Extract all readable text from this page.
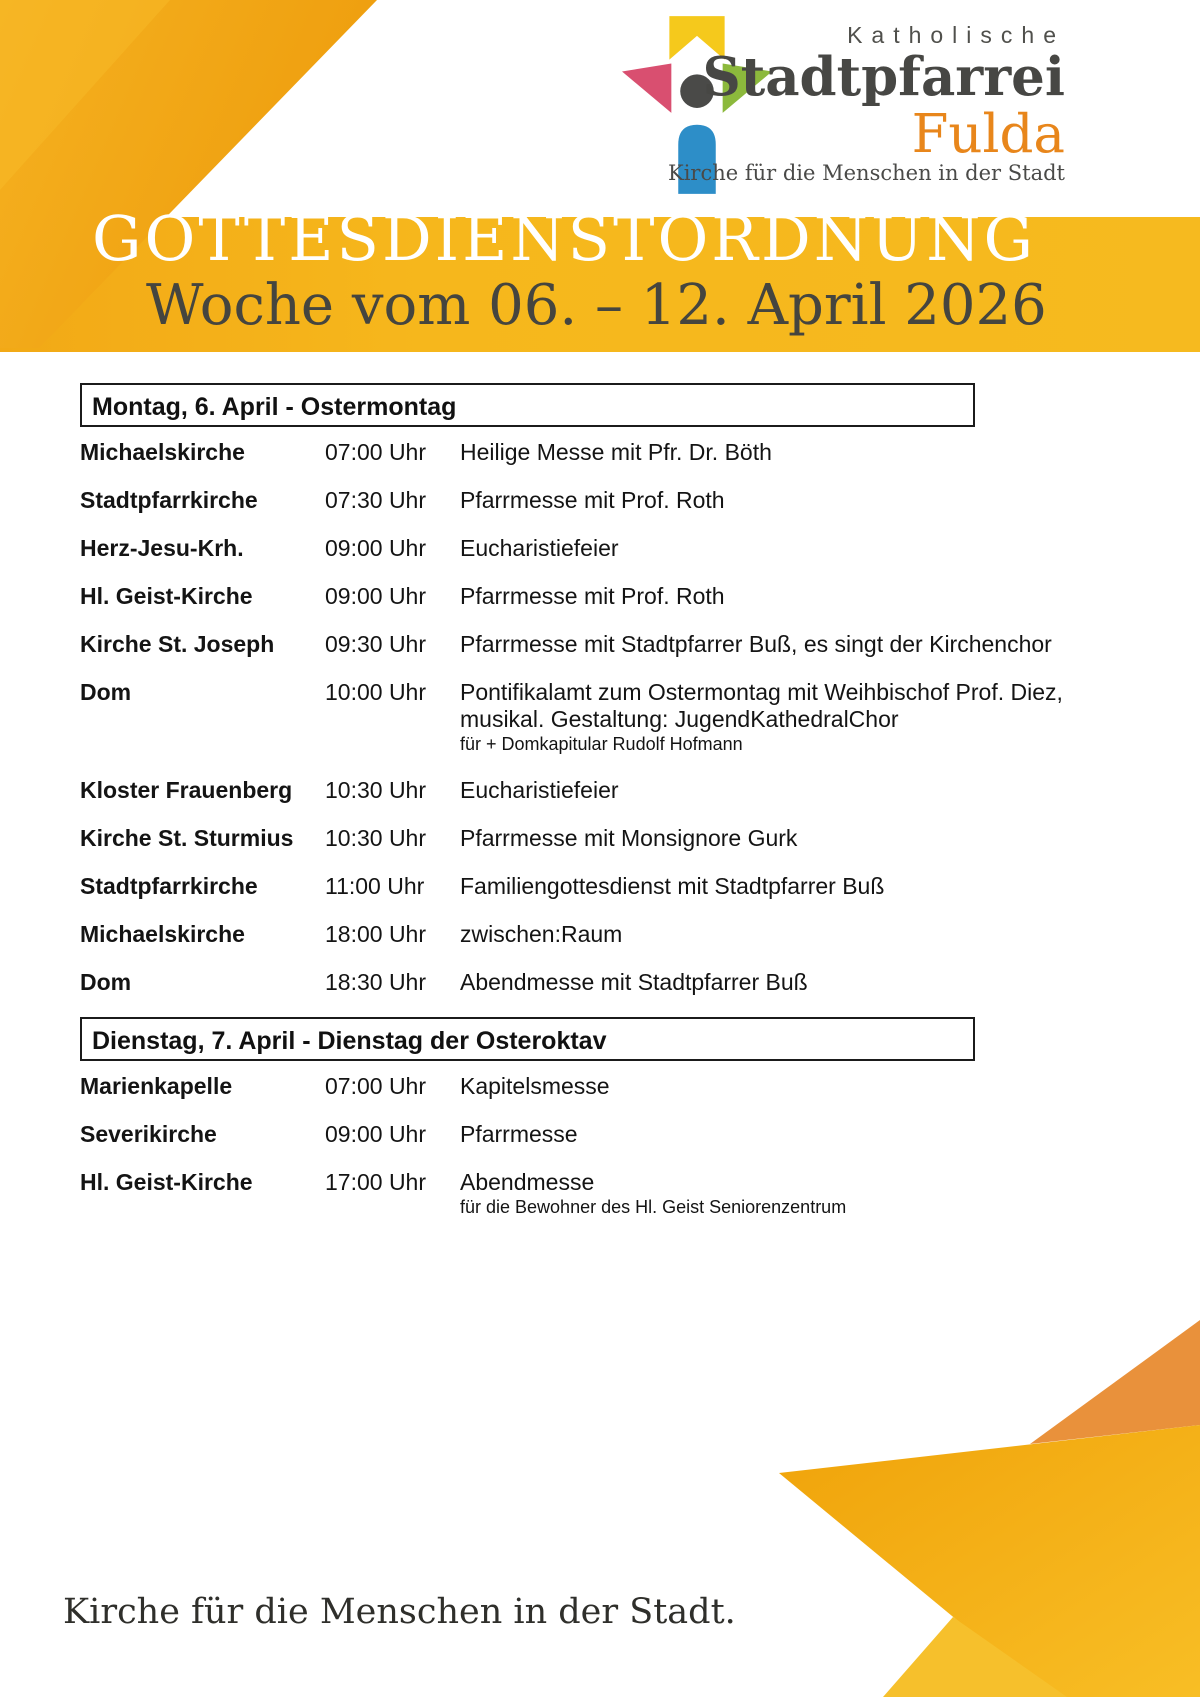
Katholische
Stadtpfarrei
Fulda
Kirche für die Menschen in der Stadt
GOTTESDIENSTORDNUNG
Woche vom 06. – 12. April 2026
Montag, 6. April - Ostermontag
Michaelskirche	07:00 Uhr	Heilige Messe mit Pfr. Dr. Böth
Stadtpfarrkirche	07:30 Uhr	Pfarrmesse mit Prof. Roth
Herz-Jesu-Krh.	09:00 Uhr	Eucharistiefeier
Hl. Geist-Kirche	09:00 Uhr	Pfarrmesse mit Prof. Roth
Kirche St. Joseph	09:30 Uhr	Pfarrmesse mit Stadtpfarrer Buß, es singt der Kirchenchor
Dom	10:00 Uhr	Pontifikalamt zum Ostermontag mit Weihbischof Prof. Diez,
musikal. Gestaltung: JugendKathedralChor
für + Domkapitular Rudolf Hofmann
Kloster Frauenberg	10:30 Uhr	Eucharistiefeier
Kirche St. Sturmius	10:30 Uhr	Pfarrmesse mit Monsignore Gurk
Stadtpfarrkirche	11:00 Uhr	Familiengottesdienst mit Stadtpfarrer Buß
Michaelskirche	18:00 Uhr	zwischen:Raum
Dom	18:30 Uhr	Abendmesse mit Stadtpfarrer Buß
Dienstag, 7. April - Dienstag der Osteroktav
Marienkapelle	07:00 Uhr	Kapitelsmesse
Severikirche	09:00 Uhr	Pfarrmesse
Hl. Geist-Kirche	17:00 Uhr	Abendmesse
für die Bewohner des Hl. Geist Seniorenzentrum
Kirche für die Menschen in der Stadt.
